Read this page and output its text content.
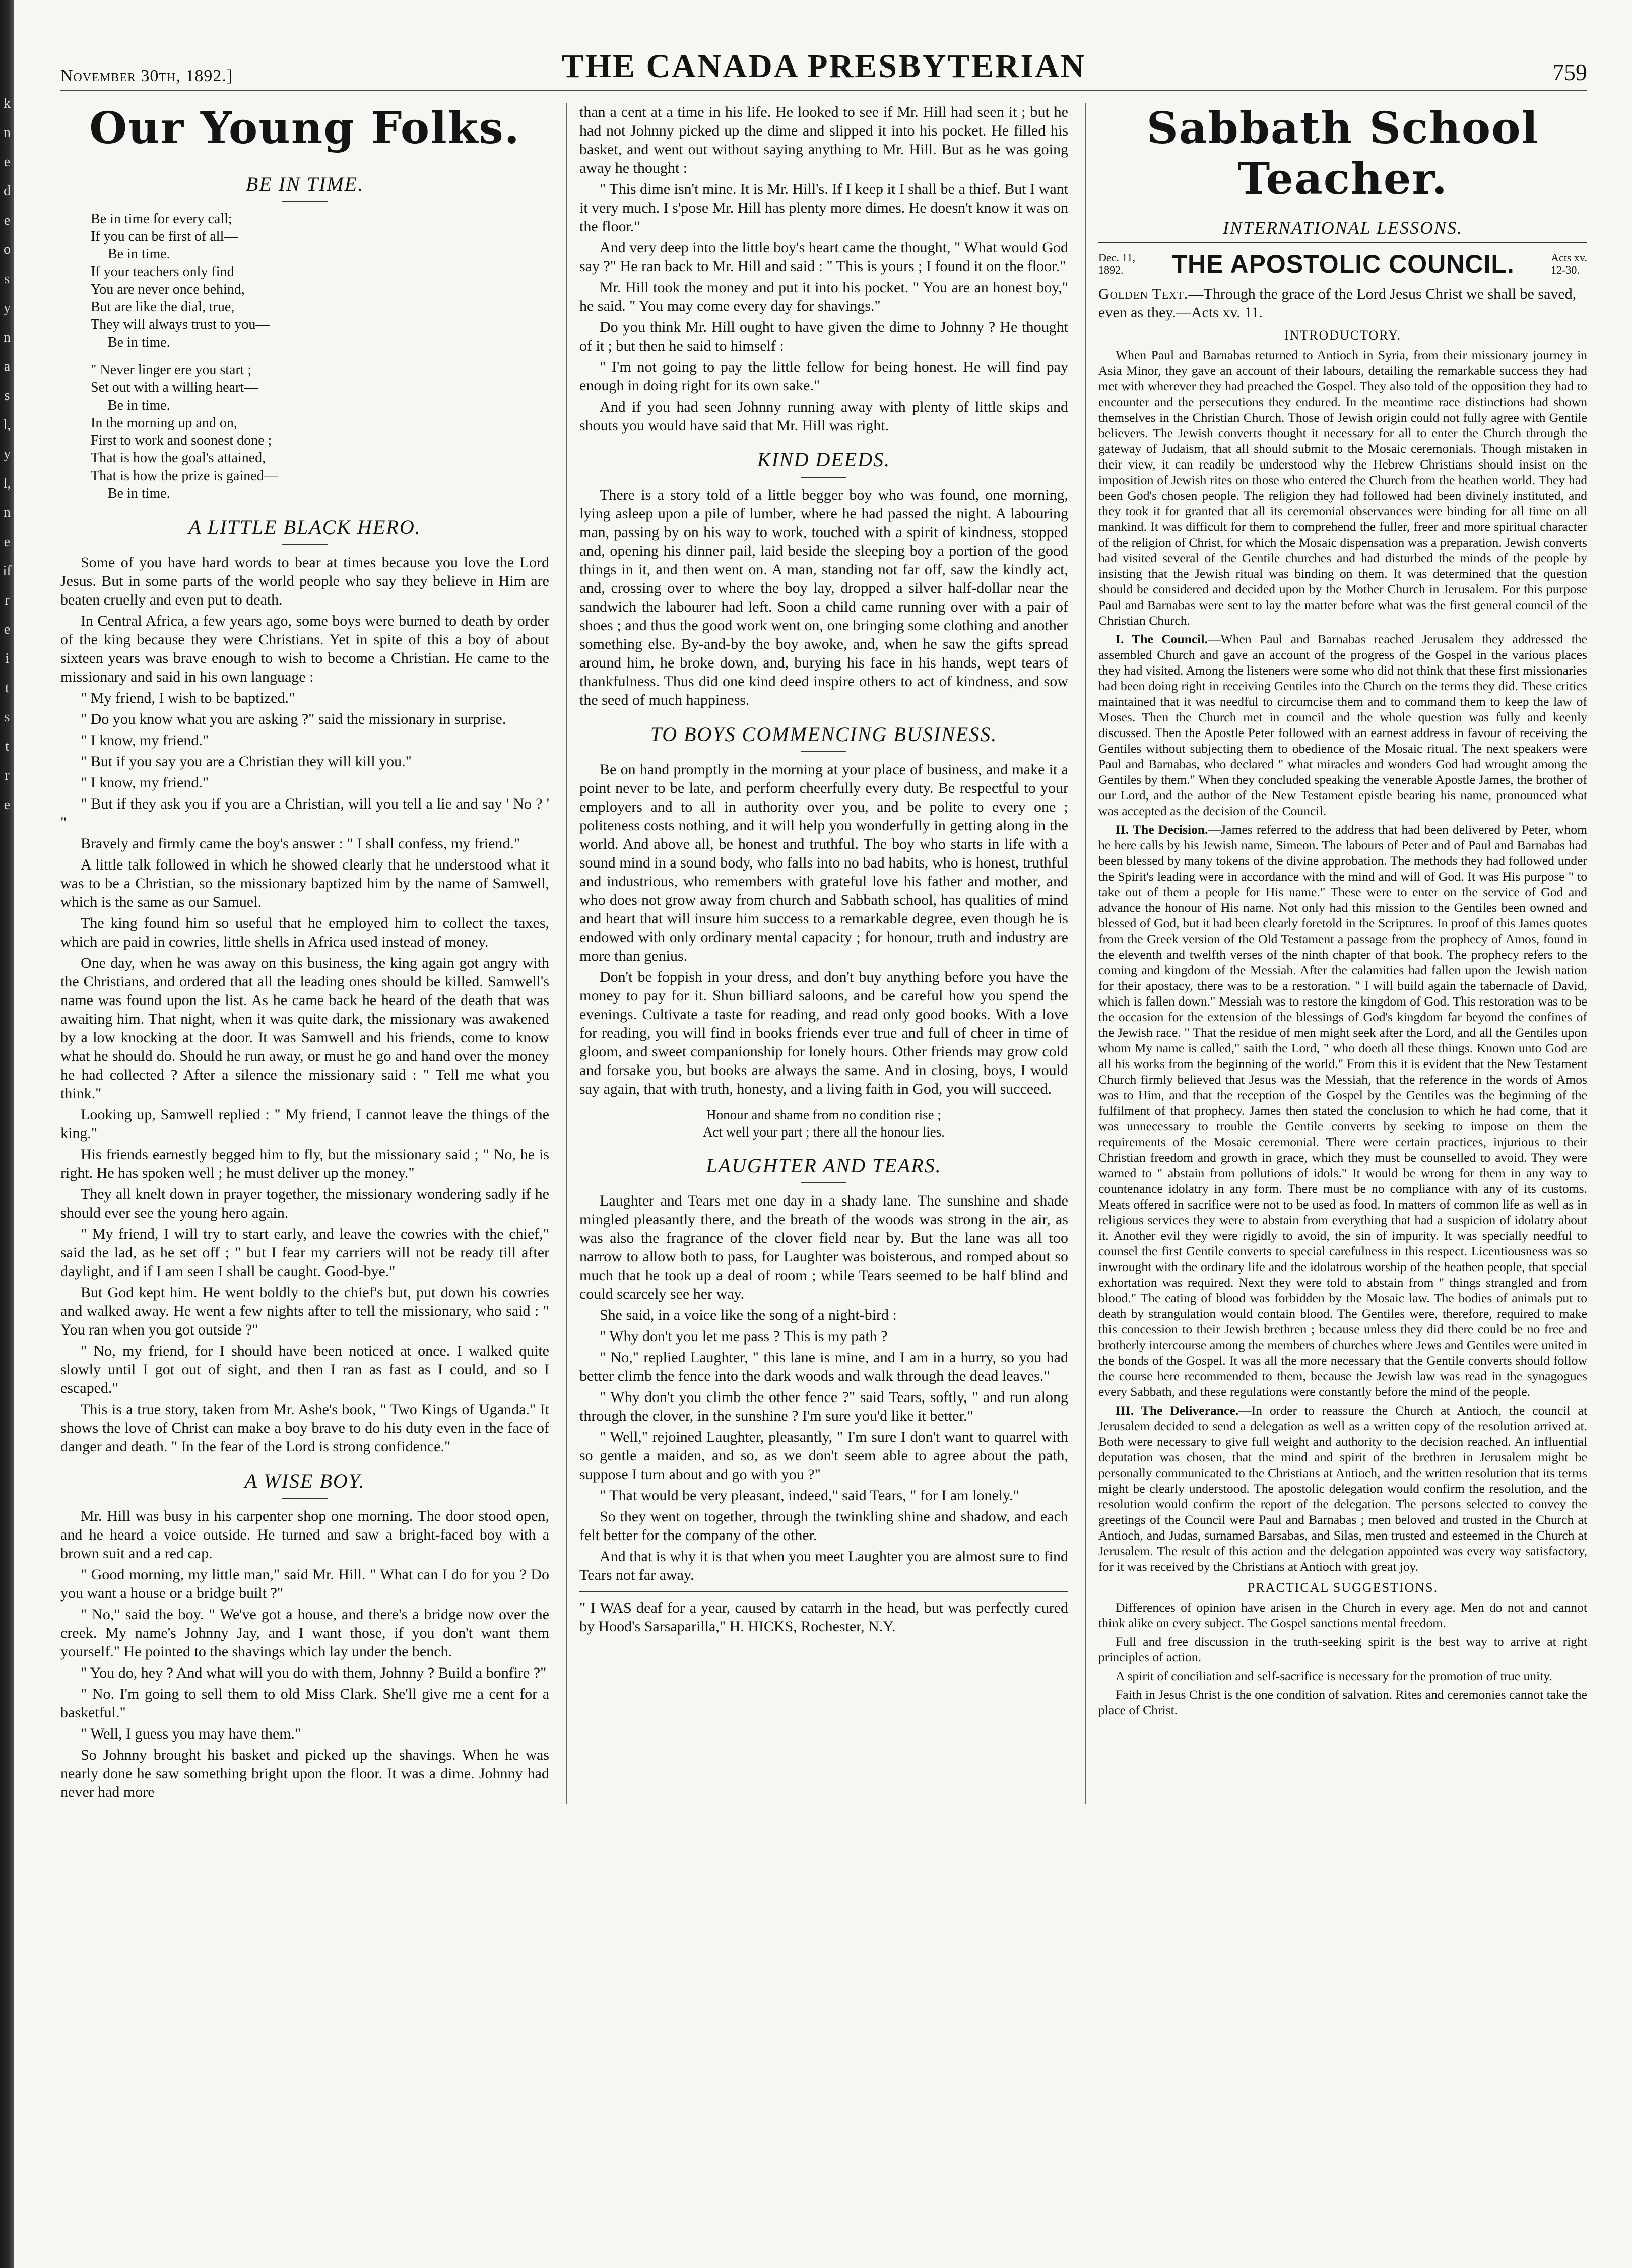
k
n
e
d
e
o
s
y
n
a
s
l,
y
l,
n
e
if
r
e
i
t
s
t
r
e
November 30th, 1892.]	THE CANADA PRESBYTERIAN	759
Our Young Folks.
BE IN TIME.
Be in time for every call;
If you can be first of all—
Be in time.
If your teachers only find
You are never once behind,
But are like the dial, true,
They will always trust to you—
Be in time.
" Never linger ere you start ;
Set out with a willing heart—
Be in time.
In the morning up and on,
First to work and soonest done ;
That is how the goal's attained,
That is how the prize is gained—
Be in time.
A LITTLE BLACK HERO.

Some of you have hard words to bear at times because you love the Lord Jesus. But in some parts of the world people who say they believe in Him are beaten cruelly and even put to death.

In Central Africa, a few years ago, some boys were burned to death by order of the king because they were Christians. Yet in spite of this a boy of about sixteen years was brave enough to wish to become a Christian. He came to the missionary and said in his own language :

" My friend, I wish to be baptized."

" Do you know what you are asking ?" said the missionary in surprise.

" I know, my friend."

" But if you say you are a Christian they will kill you."

" I know, my friend."

" But if they ask you if you are a Christian, will you tell a lie and say ' No ? ' "

Bravely and firmly came the boy's answer : " I shall confess, my friend."

A little talk followed in which he showed clearly that he understood what it was to be a Christian, so the missionary baptized him by the name of Samwell, which is the same as our Samuel.

The king found him so useful that he employed him to collect the taxes, which are paid in cowries, little shells in Africa used instead of money.

One day, when he was away on this business, the king again got angry with the Christians, and ordered that all the leading ones should be killed. Samwell's name was found upon the list. As he came back he heard of the death that was awaiting him. That night, when it was quite dark, the missionary was awakened by a low knocking at the door. It was Samwell and his friends, come to know what he should do. Should he run away, or must he go and hand over the money he had collected ? After a silence the missionary said : " Tell me what you think."

Looking up, Samwell replied : " My friend, I cannot leave the things of the king."

His friends earnestly begged him to fly, but the missionary said ; " No, he is right. He has spoken well ; he must deliver up the money."

They all knelt down in prayer together, the missionary wondering sadly if he should ever see the young hero again.

" My friend, I will try to start early, and leave the cowries with the chief," said the lad, as he set off ; " but I fear my carriers will not be ready till after daylight, and if I am seen I shall be caught. Good-bye."

But God kept him. He went boldly to the chief's but, put down his cowries and walked away. He went a few nights after to tell the missionary, who said : " You ran when you got outside ?"

" No, my friend, for I should have been noticed at once. I walked quite slowly until I got out of sight, and then I ran as fast as I could, and so I escaped."

This is a true story, taken from Mr. Ashe's book, " Two Kings of Uganda." It shows the love of Christ can make a boy brave to do his duty even in the face of danger and death. " In the fear of the Lord is strong confidence."

A WISE BOY.

Mr. Hill was busy in his carpenter shop one morning. The door stood open, and he heard a voice outside. He turned and saw a bright-faced boy with a brown suit and a red cap.

" Good morning, my little man," said Mr. Hill. " What can I do for you ? Do you want a house or a bridge built ?"

" No," said the boy. " We've got a house, and there's a bridge now over the creek. My name's Johnny Jay, and I want those, if you don't want them yourself." He pointed to the shavings which lay under the bench.

" You do, hey ? And what will you do with them, Johnny ? Build a bonfire ?"

" No. I'm going to sell them to old Miss Clark. She'll give me a cent for a basketful."

" Well, I guess you may have them."

So Johnny brought his basket and picked up the shavings. When he was nearly done he saw something bright upon the floor. It was a dime. Johnny had never had more

than a cent at a time in his life. He looked to see if Mr. Hill had seen it ; but he had not Johnny picked up the dime and slipped it into his pocket. He filled his basket, and went out without saying anything to Mr. Hill. But as he was going away he thought :

" This dime isn't mine. It is Mr. Hill's. If I keep it I shall be a thief. But I want it very much. I s'pose Mr. Hill has plenty more dimes. He doesn't know it was on the floor."

And very deep into the little boy's heart came the thought, " What would God say ?" He ran back to Mr. Hill and said : " This is yours ; I found it on the floor."

Mr. Hill took the money and put it into his pocket. " You are an honest boy," he said. " You may come every day for shavings."

Do you think Mr. Hill ought to have given the dime to Johnny ? He thought of it ; but then he said to himself :

" I'm not going to pay the little fellow for being honest. He will find pay enough in doing right for its own sake."

And if you had seen Johnny running away with plenty of little skips and shouts you would have said that Mr. Hill was right.

KIND DEEDS.

There is a story told of a little begger boy who was found, one morning, lying asleep upon a pile of lumber, where he had passed the night. A labouring man, passing by on his way to work, touched with a spirit of kindness, stopped and, opening his dinner pail, laid beside the sleeping boy a portion of the good things in it, and then went on. A man, standing not far off, saw the kindly act, and, crossing over to where the boy lay, dropped a silver half-dollar near the sandwich the labourer had left. Soon a child came running over with a pair of shoes ; and thus the good work went on, one bringing some clothing and another something else. By-and-by the boy awoke, and, when he saw the gifts spread around him, he broke down, and, burying his face in his hands, wept tears of thankfulness. Thus did one kind deed inspire others to act of kindness, and sow the seed of much happiness.

TO BOYS COMMENCING BUSINESS.

Be on hand promptly in the morning at your place of business, and make it a point never to be late, and perform cheerfully every duty. Be respectful to your employers and to all in authority over you, and be polite to every one ; politeness costs nothing, and it will help you wonderfully in getting along in the world. And above all, be honest and truthful. The boy who starts in life with a sound mind in a sound body, who falls into no bad habits, who is honest, truthful and industrious, who remembers with grateful love his father and mother, and who does not grow away from church and Sabbath school, has qualities of mind and heart that will insure him success to a remarkable degree, even though he is endowed with only ordinary mental capacity ; for honour, truth and industry are more than genius.

Don't be foppish in your dress, and don't buy anything before you have the money to pay for it. Shun billiard saloons, and be careful how you spend the evenings. Cultivate a taste for reading, and read only good books. With a love for reading, you will find in books friends ever true and full of cheer in time of gloom, and sweet companionship for lonely hours. Other friends may grow cold and forsake you, but books are always the same. And in closing, boys, I would say again, that with truth, honesty, and a living faith in God, you will succeed.

Honour and shame from no condition rise ;
Act well your part ; there all the honour lies.
LAUGHTER AND TEARS.

Laughter and Tears met one day in a shady lane. The sunshine and shade mingled pleasantly there, and the breath of the woods was strong in the air, as was also the fragrance of the clover field near by. But the lane was all too narrow to allow both to pass, for Laughter was boisterous, and romped about so much that he took up a deal of room ; while Tears seemed to be half blind and could scarcely see her way.

She said, in a voice like the song of a night-bird :

" Why don't you let me pass ? This is my path ?

" No," replied Laughter, " this lane is mine, and I am in a hurry, so you had better climb the fence into the dark woods and walk through the dead leaves."

" Why don't you climb the other fence ?" said Tears, softly, " and run along through the clover, in the sunshine ? I'm sure you'd like it better."

" Well," rejoined Laughter, pleasantly, " I'm sure I don't want to quarrel with so gentle a maiden, and so, as we don't seem able to agree about the path, suppose I turn about and go with you ?"

" That would be very pleasant, indeed," said Tears, " for I am lonely."

So they went on together, through the twinkling shine and shadow, and each felt better for the company of the other.

And that is why it is that when you meet Laughter you are almost sure to find Tears not far away.

" I WAS deaf for a year, caused by catarrh in the head, but was perfectly cured by Hood's Sarsaparilla," H. HICKS, Rochester, N.Y.
Sabbath School Teacher.
INTERNATIONAL LESSONS.
Dec. 11,
1892.	THE APOSTOLIC COUNCIL.	Acts xv.
12-30.
Golden Text.—Through the grace of the Lord Jesus Christ we shall be saved, even as they.—Acts xv. 11.
INTRODUCTORY.

When Paul and Barnabas returned to Antioch in Syria, from their missionary journey in Asia Minor, they gave an account of their labours, detailing the remarkable success they had met with wherever they had preached the Gospel. They also told of the opposition they had to encounter and the persecutions they endured. In the meantime race distinctions had shown themselves in the Christian Church. Those of Jewish origin could not fully agree with Gentile believers. The Jewish converts thought it necessary for all to enter the Church through the gateway of Judaism, that all should submit to the Mosaic ceremonials. Though mistaken in their view, it can readily be understood why the Hebrew Christians should insist on the imposition of Jewish rites on those who entered the Church from the heathen world. They had been God's chosen people. The religion they had followed had been divinely instituted, and they took it for granted that all its ceremonial observances were binding for all time on all mankind. It was difficult for them to comprehend the fuller, freer and more spiritual character of the religion of Christ, for which the Mosaic dispensation was a preparation. Jewish converts had visited several of the Gentile churches and had disturbed the minds of the people by insisting that the Jewish ritual was binding on them. It was determined that the question should be considered and decided upon by the Mother Church in Jerusalem. For this purpose Paul and Barnabas were sent to lay the matter before what was the first general council of the Christian Church.

I. The Council.—When Paul and Barnabas reached Jerusalem they addressed the assembled Church and gave an account of the progress of the Gospel in the various places they had visited. Among the listeners were some who did not think that these first missionaries had been doing right in receiving Gentiles into the Church on the terms they did. These critics maintained that it was needful to circumcise them and to command them to keep the law of Moses. Then the Church met in council and the whole question was fully and keenly discussed. Then the Apostle Peter followed with an earnest address in favour of receiving the Gentiles without subjecting them to obedience of the Mosaic ritual. The next speakers were Paul and Barnabas, who declared " what miracles and wonders God had wrought among the Gentiles by them." When they concluded speaking the venerable Apostle James, the brother of our Lord, and the author of the New Testament epistle bearing his name, pronounced what was accepted as the decision of the Council.

II. The Decision.—James referred to the address that had been delivered by Peter, whom he here calls by his Jewish name, Simeon. The labours of Peter and of Paul and Barnabas had been blessed by many tokens of the divine approbation. The methods they had followed under the Spirit's leading were in accordance with the mind and will of God. It was His purpose " to take out of them a people for His name." These were to enter on the service of God and advance the honour of His name. Not only had this mission to the Gentiles been owned and blessed of God, but it had been clearly foretold in the Scriptures. In proof of this James quotes from the Greek version of the Old Testament a passage from the prophecy of Amos, found in the eleventh and twelfth verses of the ninth chapter of that book. The prophecy refers to the coming and kingdom of the Messiah. After the calamities had fallen upon the Jewish nation for their apostacy, there was to be a restoration. " I will build again the tabernacle of David, which is fallen down." Messiah was to restore the kingdom of God. This restoration was to be the occasion for the extension of the blessings of God's kingdom far beyond the confines of the Jewish race. " That the residue of men might seek after the Lord, and all the Gentiles upon whom My name is called," saith the Lord, " who doeth all these things. Known unto God are all his works from the beginning of the world." From this it is evident that the New Testament Church firmly believed that Jesus was the Messiah, that the reference in the words of Amos was to Him, and that the reception of the Gospel by the Gentiles was the beginning of the fulfilment of that prophecy. James then stated the conclusion to which he had come, that it was unnecessary to trouble the Gentile converts by seeking to impose on them the requirements of the Mosaic ceremonial. There were certain practices, injurious to their Christian freedom and growth in grace, which they must be counselled to avoid. They were warned to " abstain from pollutions of idols." It would be wrong for them in any way to countenance idolatry in any form. There must be no compliance with any of its customs. Meats offered in sacrifice were not to be used as food. In matters of common life as well as in religious services they were to abstain from everything that had a suspicion of idolatry about it. Another evil they were rigidly to avoid, the sin of impurity. It was specially needful to counsel the first Gentile converts to special carefulness in this respect. Licentiousness was so inwrought with the ordinary life and the idolatrous worship of the heathen people, that special exhortation was required. Next they were told to abstain from " things strangled and from blood." The eating of blood was forbidden by the Mosaic law. The bodies of animals put to death by strangulation would contain blood. The Gentiles were, therefore, required to make this concession to their Jewish brethren ; because unless they did there could be no free and brotherly intercourse among the members of churches where Jews and Gentiles were united in the bonds of the Gospel. It was all the more necessary that the Gentile converts should follow the course here recommended to them, because the Jewish law was read in the synagogues every Sabbath, and these regulations were constantly before the mind of the people.

III. The Deliverance.—In order to reassure the Church at Antioch, the council at Jerusalem decided to send a delegation as well as a written copy of the resolution arrived at. Both were necessary to give full weight and authority to the decision reached. An influential deputation was chosen, that the mind and spirit of the brethren in Jerusalem might be personally communicated to the Christians at Antioch, and the written resolution that its terms might be clearly understood. The apostolic delegation would confirm the resolution, and the resolution would confirm the report of the delegation. The persons selected to convey the greetings of the Council were Paul and Barnabas ; men beloved and trusted in the Church at Antioch, and Judas, surnamed Barsabas, and Silas, men trusted and esteemed in the Church at Jerusalem. The result of this action and the delegation appointed was every way satisfactory, for it was received by the Christians at Antioch with great joy.

PRACTICAL SUGGESTIONS.

Differences of opinion have arisen in the Church in every age. Men do not and cannot think alike on every subject. The Gospel sanctions mental freedom.

Full and free discussion in the truth-seeking spirit is the best way to arrive at right principles of action.

A spirit of conciliation and self-sacrifice is necessary for the promotion of true unity.

Faith in Jesus Christ is the one condition of salvation. Rites and ceremonies cannot take the place of Christ.
